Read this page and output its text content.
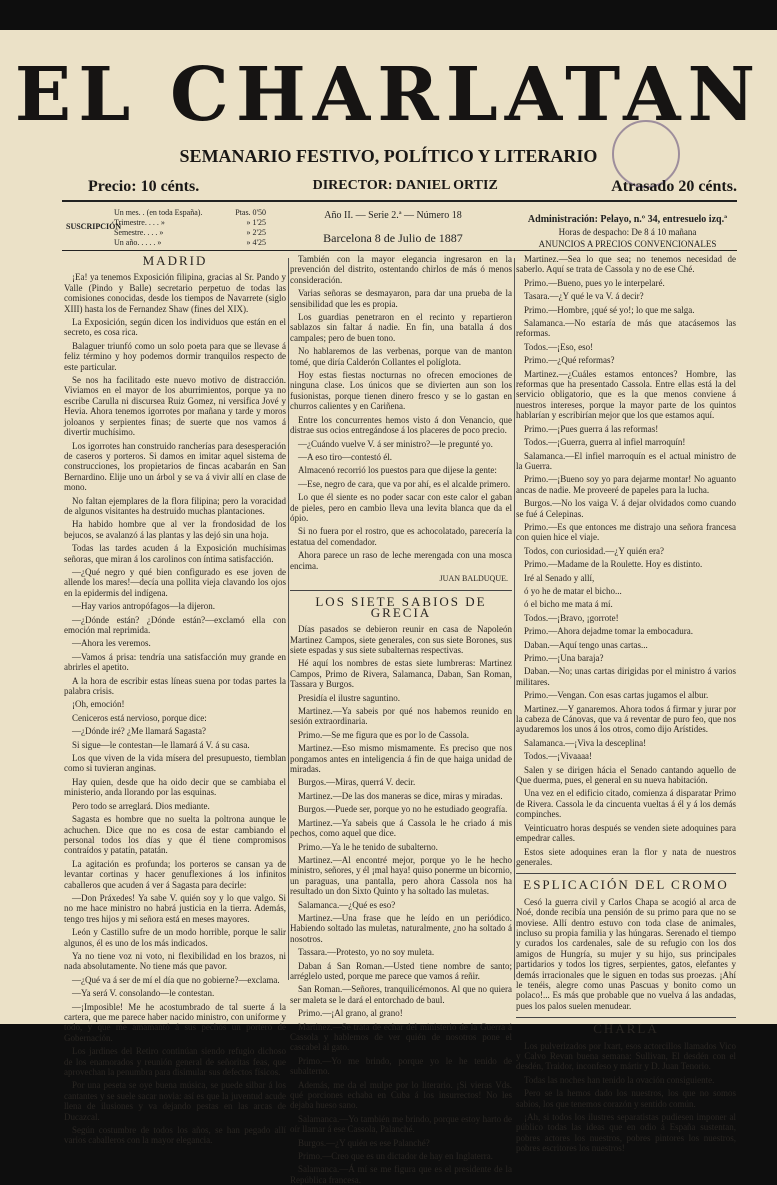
EL CHARLATAN
SEMANARIO FESTIVO, POLÍTICO Y LITERARIO
Precio: 10 cénts.	DIRECTOR: DANIEL ORTIZ	Atrasado 20 cénts.
SUSCRIPCIÓN
Un mes. . (en toda España).	Ptas. 0'50
Trimestre. . . . »	» 1'25
Semestre. . . . »	» 2'25
Un año. . . . . »	» 4'25
Año II. — Serie 2.ª — Número 18
Barcelona 8 de Julio de 1887
Administración: Pelayo, n.º 34, entresuelo izq.ª
Horas de despacho: De 8 á 10 mañana
ANUNCIOS A PRECIOS CONVENCIONALES
MADRID

¡Ea! ya tenemos Exposición filipina, gracias al Sr. Pando y Valle (Pindo y Balle) secretario perpetuo de todas las comisiones conocidas, desde los tiempos de Navarrete (siglo XIII) hasta los de Fernandez Shaw (fines del XIX).

La Exposición, según dicen los individuos que están en el secreto, es cosa rica.

Balaguer triunfó como un solo poeta para que se llevase á feliz término y hoy podemos dormir tranquilos respecto de este particular.

Se nos ha facilitado este nuevo motivo de distracción. Viviamos en el mayor de los aburrimientos, porque ya no escribe Carulla ni discursea Ruiz Gomez, ni versifica Jové y Hevia. Ahora tenemos igorrotes por mañana y tarde y moros joloanos y serpientes finas; de suerte que nos vamos á divertir muchísimo.

Los igorrotes han construido rancherías para desesperación de caseros y porteros. Si damos en imitar aquel sistema de construcciones, los propietarios de fincas acabarán en San Bernardino. Elije uno un árbol y se va á vivir allí en clase de mono.

No faltan ejemplares de la flora filipina; pero la voracidad de algunos visitantes ha destruido muchas plantaciones.

Ha habido hombre que al ver la frondosidad de los bejucos, se avalanzó á las plantas y las dejó sin una hoja.

Todas las tardes acuden á la Exposición muchísimas señoras, que miran á los carolinos con íntima satisfacción.

—¿Qué negro y qué bien configurado es ese joven de allende los mares!—decía una pollita vieja clavando los ojos en la epidermis del indígena.

—Hay varios antropófagos—la dijeron.

—¿Dónde están? ¿Dónde están?—exclamó ella con emoción mal reprimida.

—Ahora les veremos.

—Vamos á prisa: tendría una satisfacción muy grande en abrirles el apetito.

A la hora de escribir estas líneas suena por todas partes la palabra crisis.

¡Oh, emoción!

Ceniceros está nervioso, porque dice:

—¿Dónde iré? ¿Me llamará Sagasta?

Si sigue—le contestan—le llamará á V. á su casa.

Los que viven de la vida mísera del presupuesto, tiemblan como si tuvieran anginas.

Hay quien, desde que ha oido decir que se cambiaba el ministerio, anda llorando por las esquinas.

Pero todo se arreglará. Dios mediante.

Sagasta es hombre que no suelta la poltrona aunque le achuchen. Dice que no es cosa de estar cambiando el personal todos los días y que él tiene compromisos contraídos y patatín, patatán.

La agitación es profunda; los porteros se cansan ya de levantar cortinas y hacer genuflexiones á los infinitos caballeros que acuden á ver á Sagasta para decirle:

—Don Práxedes! Ya sabe V. quién soy y lo que valgo. Si no me hace ministro no habrá justicia en la tierra. Además, tengo tres hijos y mi señora está en meses mayores.

León y Castillo sufre de un modo horrible, porque le salir algunos, él es uno de los más indicados.

Ya no tiene voz ni voto, ni flexibilidad en los brazos, ni nada absolutamente. No tiene más que pavor.

—¿Qué va á ser de mí el día que no gobierne?—exclama.

—Ya será V. consolando—le contestan.

—¡Imposible! Me he acostumbrado de tal suerte á la cartera, que me parece haber nacido ministro, con uniforme y todo, y que me amamantó á sus pechos un portero de Gobernación.

Los jardines del Retiro continúan siendo refugio dichoso de los enamorados y reunión general de señoritas feas, que aprovechan la penumbra para disimular sus defectos físicos.

Por una peseta se oye buena música, se puede silbar á los cantantes y se suele sacar novia: así es que la juventud acude llena de ilusiones y va dejando pestas en las arcas de Ducazcal.

Según costumbre de todos los años, se han pegado allí varios caballeros con la mayor elegancia.

También con la mayor elegancia ingresaron en la prevención del distrito, ostentando chirlos de más ó menos consideración.

Varias señoras se desmayaron, para dar una prueba de la sensibilidad que les es propia.

Los guardias penetraron en el recinto y repartieron sablazos sin faltar á nadie. En fin, una batalla á dos campales; pero de buen tono.

No hablaremos de las verbenas, porque van de manton tomé, que diría Calderón Collantes el políglota.

Hoy estas fiestas nocturnas no ofrecen emociones de ninguna clase. Los únicos que se divierten aun son los fusionistas, porque tienen dinero fresco y se lo gastan en churros calientes y en Cariñena.

Entre los concurrentes hemos visto á don Venancio, que distrae sus ocios entregándose á los placeres de poco precio.

—¿Cuándo vuelve V. á ser ministro?—le pregunté yo.

—A eso tiro—contestó él.

Almacenó recorrió los puestos para que dijese la gente:

—Ese, negro de cara, que va por ahí, es el alcalde primero.

Lo que él siente es no poder sacar con este calor el gaban de pieles, pero en cambio lleva una levita blanca que da el ópio.

Si no fuera por el rostro, que es achocolatado, parecería la estatua del comendador.

Ahora parece un raso de leche merengada con una mosca encima.

JUAN BALDUQUE.
LOS SIETE SABIOS DE GRECIA

Días pasados se debieron reunir en casa de Napoleón Martinez Campos, siete generales, con sus siete Borones, sus siete espadas y sus siete subalternas respectivas.

Hé aquí los nombres de estas siete lumbreras: Martinez Campos, Primo de Rivera, Salamanca, Daban, San Roman, Tassara y Burgos.

Presidía el ilustre saguntino.

Martinez.—Ya sabeis por qué nos habemos reunido en sesión extraordinaria.

Primo.—Se me figura que es por lo de Cassola.

Martinez.—Eso mismo mismamente. Es preciso que nos pongamos antes en inteligencia á fin de que haiga unidad de miradas.

Burgos.—Miras, querrá V. decir.

Martinez.—De las dos maneras se dice, miras y miradas.

Burgos.—Puede ser, porque yo no he estudiado geografía.

Martinez.—Ya sabeis que á Cassola le he criado á mis pechos, como aquel que dice.

Primo.—Ya le he tenido de subalterno.

Martinez.—Al encontré mejor, porque yo le he hecho ministro, señores, y él ¡mal haya! quiso ponerme un bicornio, un paraguas, una pantalla, pero ahora Cassola nos ha resultado un don Sixto Quinto y ha soltado las muletas.

Salamanca.—¿Qué es eso?

Martinez.—Una frase que he leído en un periódico. Habiendo soltado las muletas, naturalmente, ¿no ha soltado á nosotros.

Tassara.—Protesto, yo no soy muleta.

Daban á San Roman.—Usted tiene nombre de santo; arréglelo usted, porque me parece que vamos á reñir.

San Roman.—Señores, tranquilicémonos. Al que no quiera ser maleta se le dará el entorchado de baul.

Primo.—¡Al grano, al grano!

Martinez.—Se trata de echar del ministerio de la Guerra á Cassola y hablemos de ver quién de nosotros pone el cascabel al gato.

Primo.—Yo me brindo, porque yo le he tenido de subalterno.

Además, me da el mulpe por lo literario. ¡Si vieras Vds. qué porciones echaba en Cuba á los insurrectos! No les dejaba hueso sano.

Salamanca.—Yo también me brindo, porque estoy harto de oír llamar á ese Cassola, Palanché.

Burgos.—¿Y quién es ese Palanché?

Primo.—Creo que es un dictador de hay en Inglaterra.

Salamanca.—Á mí se me figura que es el presidente de la República francesa.

Martinez.—Sea lo que sea; no tenemos necesidad de saberlo. Aquí se trata de Cassola y no de ese Ché.

Primo.—Bueno, pues yo le interpelaré.

Tasara.—¿Y qué le va V. á decir?

Primo.—Hombre, ¡qué sé yo!; lo que me salga.

Salamanca.—No estaría de más que atacásemos las reformas.

Todos.—¡Eso, eso!

Primo.—¿Qué reformas?

Martinez.—¿Cuáles estamos entonces? Hombre, las reformas que ha presentado Cassola. Entre ellas está la del servicio obligatorio, que es la que menos conviene á nuestros intereses, porque la mayor parte de los quintos hablarían y escribirían mejor que los que estamos aquí.

Primo.—¡Pues guerra á las reformas!

Todos.—¡Guerra, guerra al infiel marroquín!

Salamanca.—El infiel marroquín es el actual ministro de la Guerra.

Primo.—¡Bueno soy yo para dejarme montar! No aguanto ancas de nadie. Me proveeré de papeles para la lucha.

Burgos.—No los vaiga V. á dejar olvidados como cuando se fué á Celepinas.

Primo.—Es que entonces me distrajo una señora francesa con quien hice el viaje.

Todos, con curiosidad.—¿Y quién era?

Primo.—Madame de la Roulette. Hoy es distinto.

Iré al Senado y allí,

ó yo he de matar el bicho...

ó el bicho me mata á mí.

Todos.—¡Bravo, ¡gorrote!

Primo.—Ahora dejadme tomar la embocadura.

Daban.—Aquí tengo unas cartas...

Primo.—¡Una baraja?

Daban.—No; unas cartas dirigidas por el ministro á varios militares.

Primo.—Vengan. Con esas cartas jugamos el albur.

Martinez.—Y ganaremos. Ahora todos á firmar y jurar por la cabeza de Cánovas, que va á reventar de puro feo, que nos ayudaremos los unos á los otros, como dijo Arístides.

Salamanca.—¡Viva la desceplina!

Todos.—¡Vivaaaa!

Salen y se dirigen hácia el Senado cantando aquello de Que duerma, pues, el general en su nueva habitación.

Una vez en el edificio citado, comienza á disparatar Primo de Rivera. Cassola le da cincuenta vueltas á él y á los demás compinches.

Veinticuatro horas después se venden siete adoquines para empedrar calles.

Estos siete adoquines eran la flor y nata de nuestros generales.

ESPLICACIÓN DEL CROMO

Cesó la guerra civil y Carlos Chapa se acogió al arca de Noé, donde recibía una pensión de su primo para que no se moviese. Allí dentro estuvo con toda clase de animales, incluso su propia familia y las húngaras. Serenado el tiempo y curados los cardenales, sale de su refugio con los dos amigos de Hungría, su mujer y su hijo, sus principales partidarios y todos los tigres, serpientes, gatos, elefantes y demás irracionales que le siguen en todas sus proezas. ¡Ahí le tenéis, alegre como unas Pascuas y bonito como un polaco!... Es más que probable que no vuelva á las andadas, pues los palos suelen menudear.

CHARLA

Los pulverizados por Ixart, esos actorcillos llamados Vico y Calvo Revan buena semana: Sullivan, El desdén con el desdén, Traidor, inconfeso y mártir y D. Juan Tenorio.

Todas las noches han tenido la ovación consiguiente.

Pero se la hemos dado los nuestros, los que no somos sabios, los que tenemos corazón y sentido común.

¡Ah, si todos los ilustres separatistas pudiesen imponer al público todas las ideas que en odio á España sustentan, pobres actores los nuestros, pobres pintores los nuestros, pobres escritores los nuestros!
